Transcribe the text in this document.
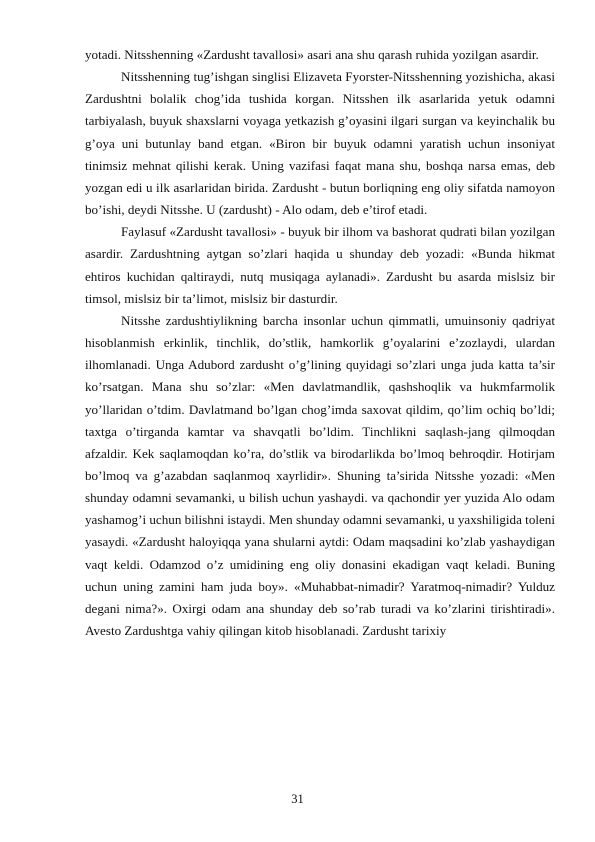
yotadi. Nitsshenning «Zardusht tavallosi» asari ana shu qarash ruhida yozilgan asardir.

Nitsshenning tug’ishgan singlisi Elizaveta Fyorster-Nitsshenning yozishicha, akasi Zardushtni bolalik chog’ida tushida korgan. Nitsshen ilk asarlarida yetuk odamni tarbiyalash, buyuk shaxslarni voyaga yetkazish g’oyasini ilgari surgan va keyinchalik bu g’oya uni butunlay band etgan. «Biron bir buyuk odamni yaratish uchun insoniyat tinimsiz mehnat qilishi kerak. Uning vazifasi faqat mana shu, boshqa narsa emas, deb yozgan edi u ilk asarlaridan birida. Zardusht - butun borliqning eng oliy sifatda namoyon bo’ishi, deydi Nitsshe. U (zardusht) - Alo odam, deb e’tirof etadi.

Faylasuf «Zardusht tavallosi» - buyuk bir ilhom va bashorat qudrati bilan yozilgan asardir. Zardushtning aytgan so’zlari haqida u shunday deb yozadi: «Bunda hikmat ehtiros kuchidan qaltiraydi, nutq musiqaga aylanadi». Zardusht bu asarda mislsiz bir timsol, mislsiz bir ta’limot, mislsiz bir dasturdir.

Nitsshe zardushtiylikning barcha insonlar uchun qimmatli, umuinsoniy qadriyat hisoblanmish erkinlik, tinchlik, do’stlik, hamkorlik g’oyalarini e’zozlaydi, ulardan ilhomlanadi. Unga Adubord zardusht o’g’lining quyidagi so’zlari unga juda katta ta’sir ko’rsatgan. Mana shu so’zlar: «Men davlatmandlik, qashshoqlik va hukmfarmolik yo’llaridan o’tdim. Davlatmand bo’lgan chog’imda saxovat qildim, qo’lim ochiq bo’ldi; taxtga o’tirganda kamtar va shavqatli bo’ldim. Tinchlikni saqlash-jang qilmoqdan afzaldir. Kek saqlamoqdan ko’ra, do’stlik va birodarlikda bo’lmoq behroqdir. Hotirjam bo’lmoq va g’azabdan saqlanmoq xayrlidir». Shuning ta’sirida Nitsshe yozadi: «Men shunday odamni sevamanki, u bilish uchun yashaydi. va qachondir yer yuzida Alo odam yashamog’i uchun bilishni istaydi. Men shunday odamni sevamanki, u yaxshiligida toleni yasaydi. «Zardusht haloyiqqa yana shularni aytdi: Odam maqsadini ko’zlab yashaydigan vaqt keldi. Odamzod o’z umidining eng oliy donasini ekadigan vaqt keladi. Buning uchun uning zamini ham juda boy». «Muhabbat-nimadir? Yaratmoq-nimadir? Yulduz degani nima?». Oxirgi odam ana shunday deb so’rab turadi va ko’zlarini tirishtiradi». Avesto Zardushtga vahiy qilingan kitob hisoblanadi. Zardusht tarixiy

31
